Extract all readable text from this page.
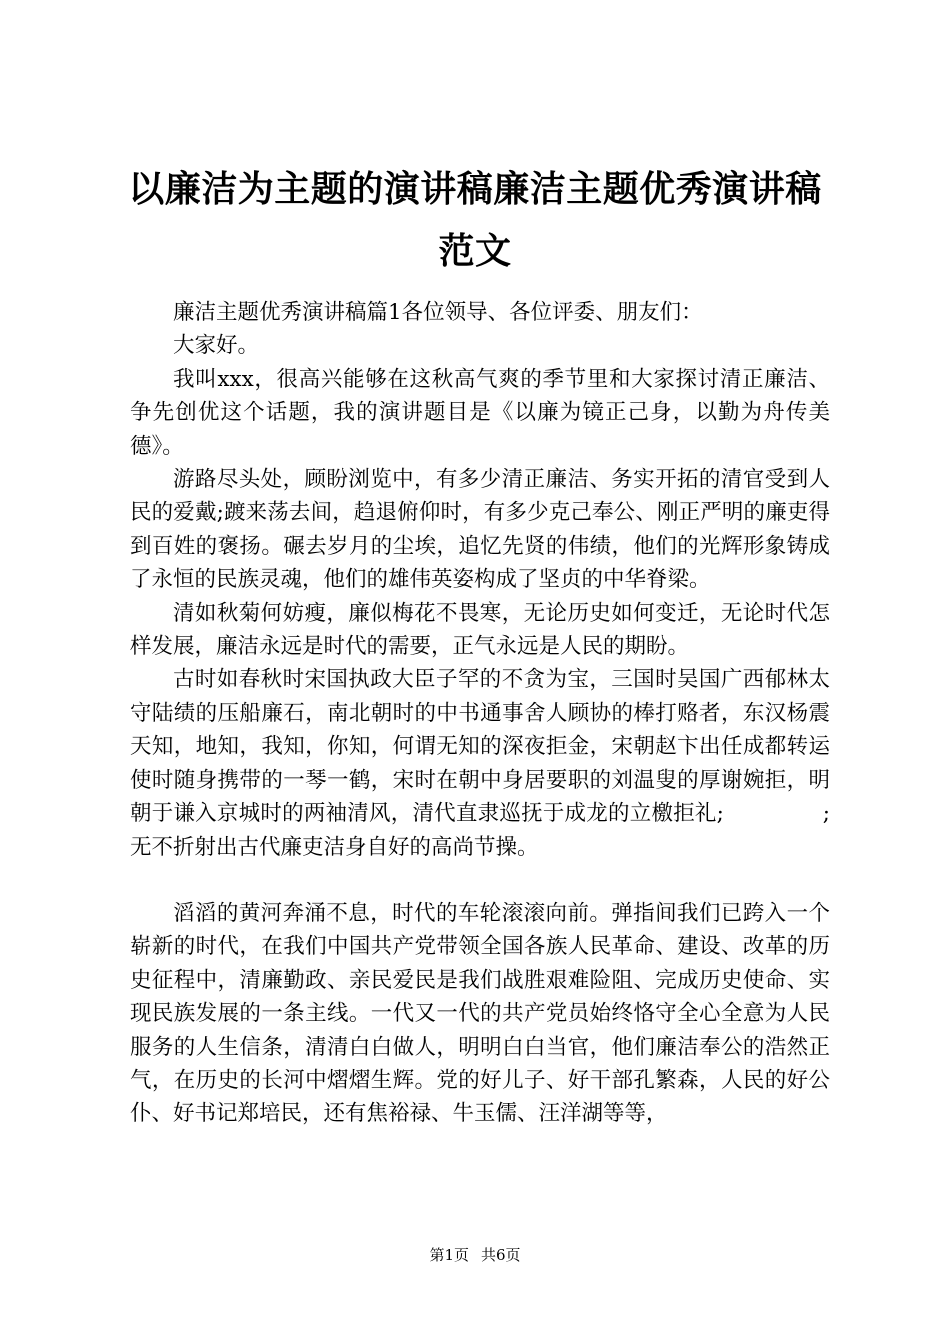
以廉洁为主题的演讲稿廉洁主题优秀演讲稿范文

廉洁主题优秀演讲稿篇1各位领导、各位评委、朋友们：

大家好。

我叫xxx，很高兴能够在这秋高气爽的季节里和大家探讨清正廉洁、争先创优这个话题，我的演讲题目是《以廉为镜正己身，以勤为舟传美德》。

游路尽头处，顾盼浏览中，有多少清正廉洁、务实开拓的清官受到人民的爱戴;踱来荡去间，趋退俯仰时，有多少克己奉公、刚正严明的廉吏得到百姓的褒扬。碾去岁月的尘埃，追忆先贤的伟绩，他们的光辉形象铸成了永恒的民族灵魂，他们的雄伟英姿构成了坚贞的中华脊梁。

清如秋菊何妨瘦，廉似梅花不畏寒，无论历史如何变迁，无论时代怎样发展，廉洁永远是时代的需要，正气永远是人民的期盼。

古时如春秋时宋国执政大臣子罕的不贪为宝，三国时吴国广西郁林太守陆绩的压船廉石，南北朝时的中书通事舍人顾协的棒打赂者，东汉杨震天知，地知，我知，你知，何谓无知的深夜拒金，宋朝赵卞出任成都转运使时随身携带的一琴一鹤，宋时在朝中身居要职的刘温叟的厚谢婉拒，明朝于谦入京城时的两袖清风，清代直隶巡抚于成龙的立檄拒礼;              ;无不折射出古代廉吏洁身自好的高尚节操。

滔滔的黄河奔涌不息，时代的车轮滚滚向前。弹指间我们已跨入一个崭新的时代，在我们中国共产党带领全国各族人民革命、建设、改革的历史征程中，清廉勤政、亲民爱民是我们战胜艰难险阻、完成历史使命、实现民族发展的一条主线。一代又一代的共产党员始终恪守全心全意为人民服务的人生信条，清清白白做人，明明白白当官，他们廉洁奉公的浩然正气，在历史的长河中熠熠生辉。党的好儿子、好干部孔繁森，人民的好公仆、好书记郑培民，还有焦裕禄、牛玉儒、汪洋湖等等，

第1页 共6页
